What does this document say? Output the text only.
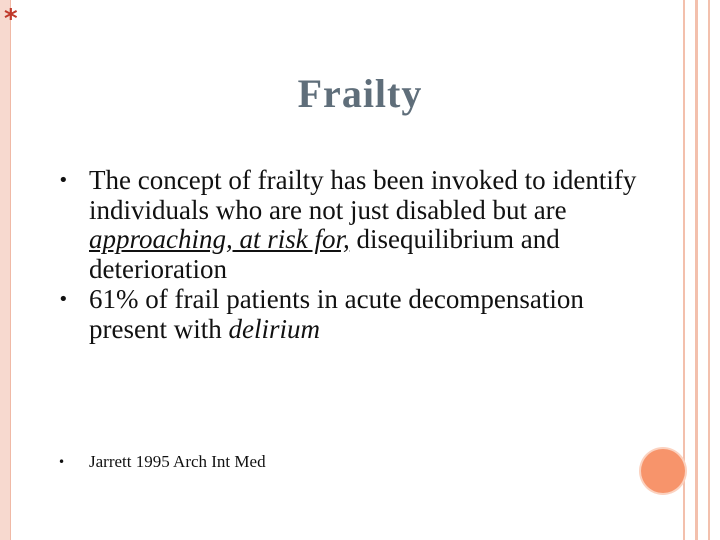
*
Frailty
• The concept of frailty has been invoked to identify individuals who are not just disabled but are approaching, at risk for, disequilibrium and deterioration
• 61% of frail patients in acute decompensation present with delirium
• Jarrett 1995 Arch Int Med
